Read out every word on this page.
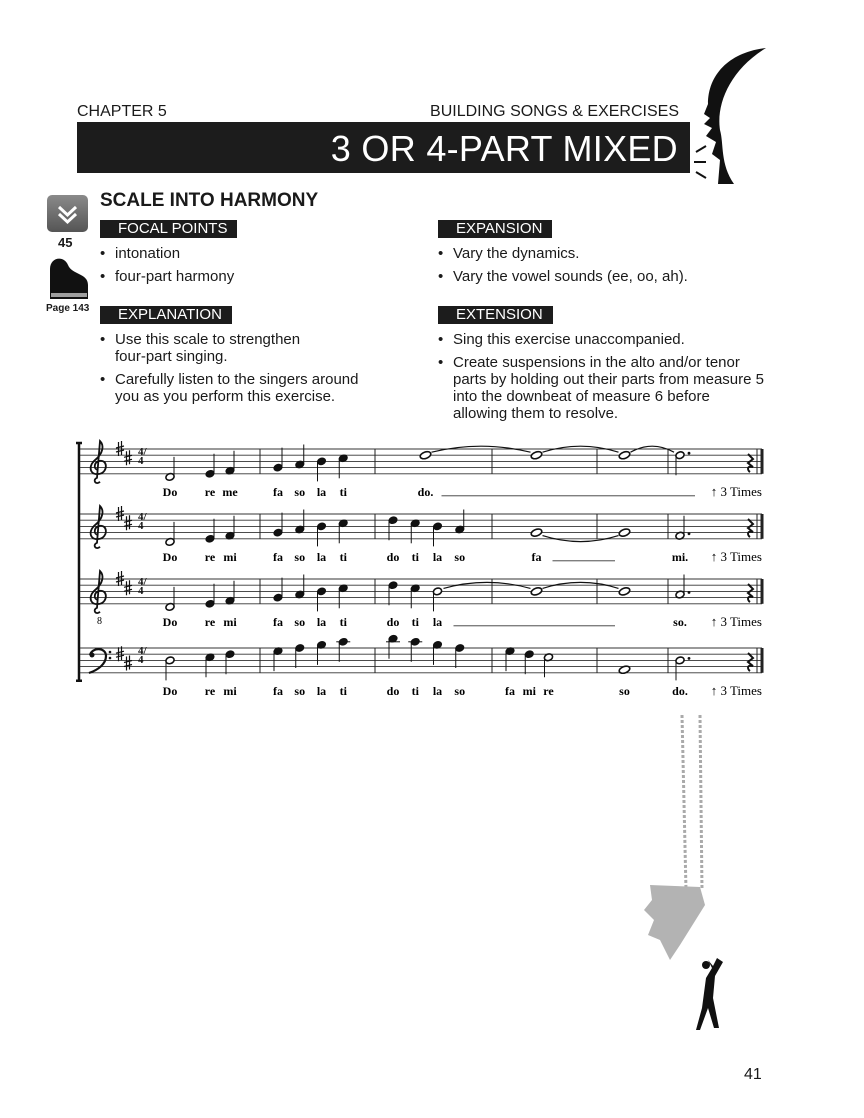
CHAPTER 5	BUILDING SONGS & EXERCISES
3 OR 4-PART MIXED
45
Page 143
SCALE INTO HARMONY
FOCAL POINTS
• intonation
• four-part harmony
EXPLANATION
• Use this scale to strengthen four-part singing.
• Carefully listen to the singers around you as you perform this exercise.
EXPANSION
• Vary the dynamics.
• Vary the vowel sounds (ee, oo, ah).
EXTENSION
• Sing this exercise unaccompanied.
• Create suspensions in the alto and/or tenor parts by holding out their parts from measure 5 into the downbeat of measure 6 before allowing them to resolve.
Do re me	fa so la ti	do.	↑ 3 Times
Do re mi	fa so la ti	do ti la so	fa	mi. ↑ 3 Times
8	Do re mi	fa so la ti	do ti la	so. ↑ 3 Times
Do re mi	fa so la ti	do ti la so	fa mi re	so	do. ↑ 3 Times
4/4
4/4
4/4
4/4
41
